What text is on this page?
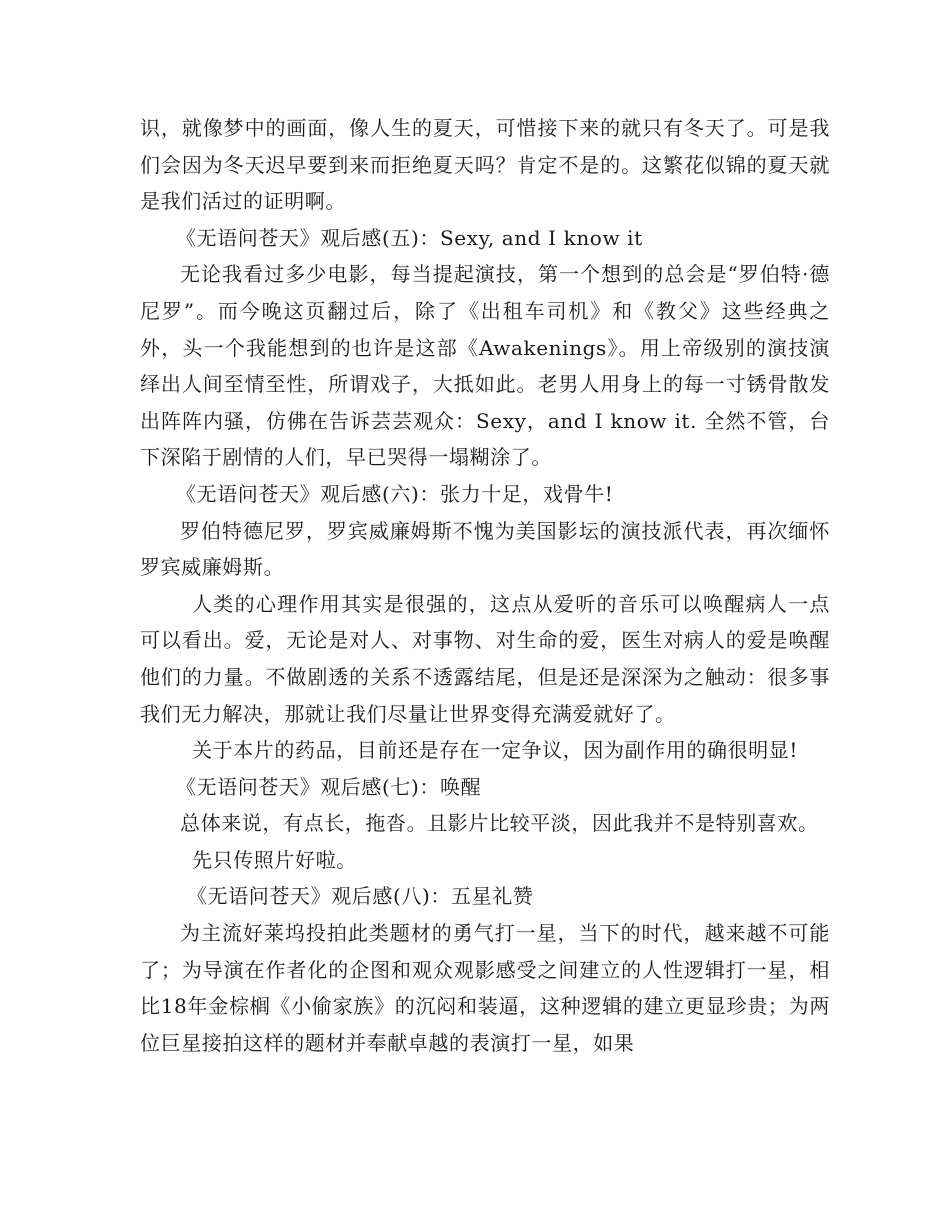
识，就像梦中的画面，像人生的夏天，可惜接下来的就只有冬天了。可是我们会因为冬天迟早要到来而拒绝夏天吗？肯定不是的。这繁花似锦的夏天就是我们活过的证明啊。

《无语问苍天》观后感(五)：Sexy, and I know it

无论我看过多少电影，每当提起演技，第一个想到的总会是“罗伯特·德尼罗”。而今晚这页翻过后，除了《出租车司机》和《教父》这些经典之外，头一个我能想到的也许是这部《Awakenings》。用上帝级别的演技演绎出人间至情至性，所谓戏子，大抵如此。老男人用身上的每一寸锈骨散发出阵阵内骚，仿佛在告诉芸芸观众：Sexy，and I know it. 全然不管，台下深陷于剧情的人们，早已哭得一塌糊涂了。

《无语问苍天》观后感(六)：张力十足，戏骨牛!

罗伯特德尼罗，罗宾威廉姆斯不愧为美国影坛的演技派代表，再次缅怀罗宾威廉姆斯。

人类的心理作用其实是很强的，这点从爱听的音乐可以唤醒病人一点可以看出。爱，无论是对人、对事物、对生命的爱，医生对病人的爱是唤醒他们的力量。不做剧透的关系不透露结尾，但是还是深深为之触动：很多事我们无力解决，那就让我们尽量让世界变得充满爱就好了。

关于本片的药品，目前还是存在一定争议，因为副作用的确很明显!

《无语问苍天》观后感(七)：唤醒

总体来说，有点长，拖沓。且影片比较平淡，因此我并不是特别喜欢。

先只传照片好啦。

《无语问苍天》观后感(八)：五星礼赞

为主流好莱坞投拍此类题材的勇气打一星，当下的时代，越来越不可能了；为导演在作者化的企图和观众观影感受之间建立的人性逻辑打一星，相比18年金棕榈《小偷家族》的沉闷和装逼，这种逻辑的建立更显珍贵；为两位巨星接拍这样的题材并奉献卓越的表演打一星，如果
